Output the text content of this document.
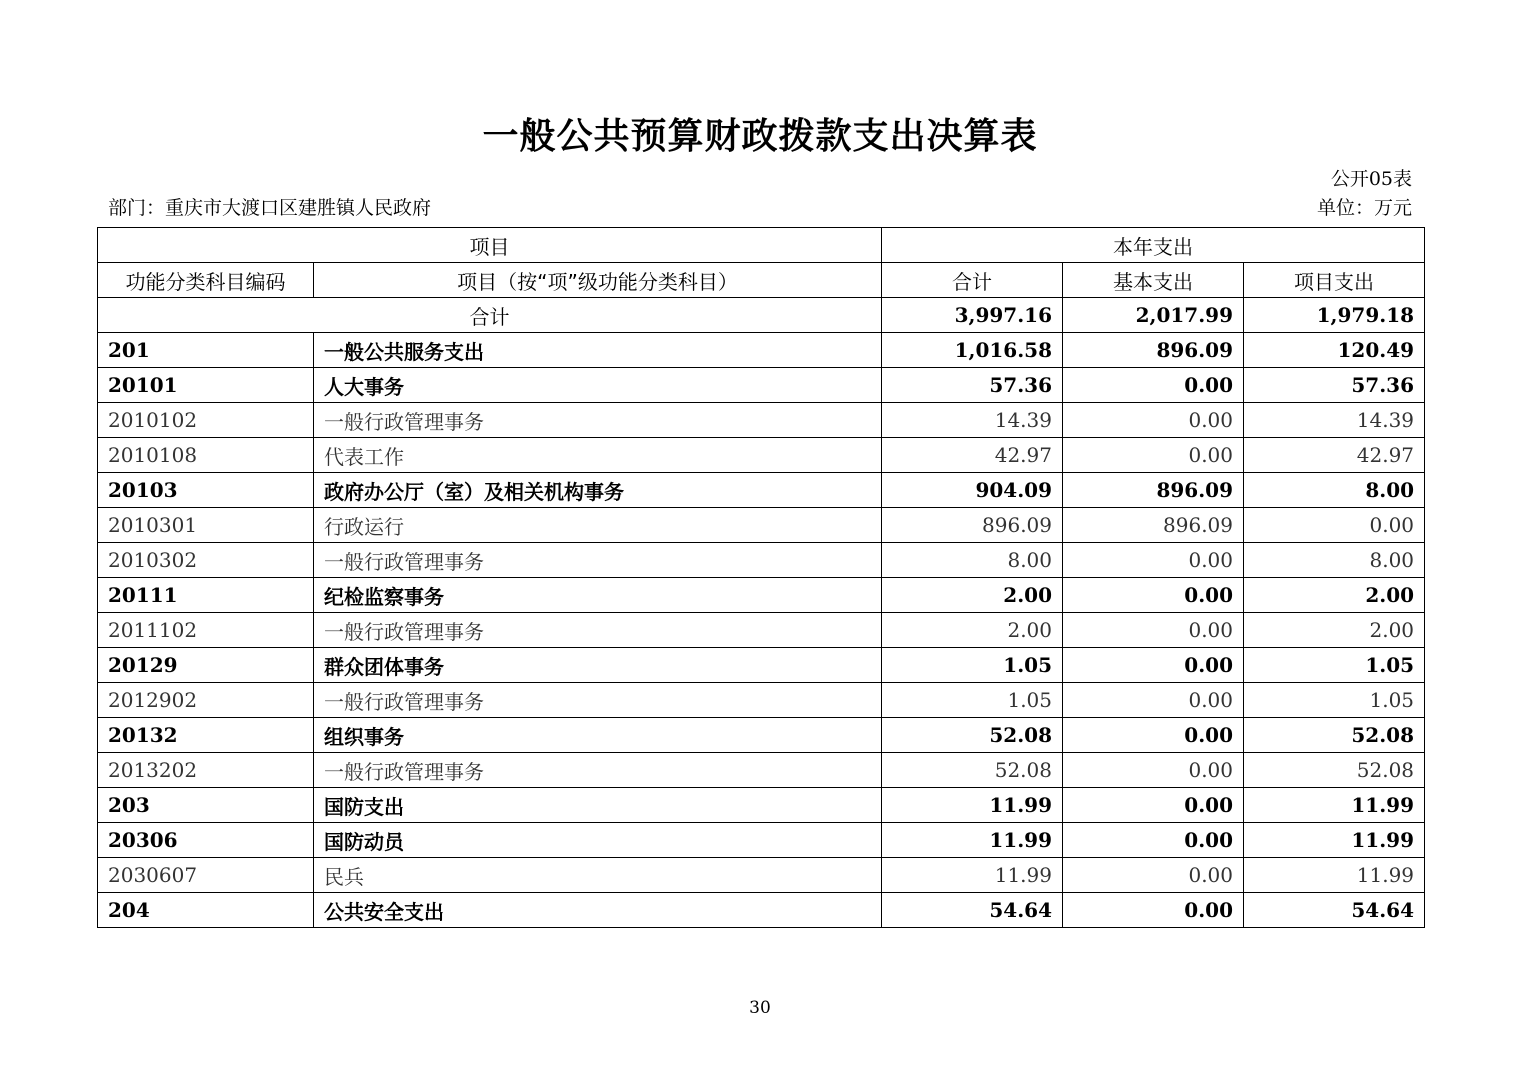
一般公共预算财政拨款支出决算表
公开05表
部门：重庆市大渡口区建胜镇人民政府	单位：万元
项目		本年支出		
功能分类科目编码	项目（按“项”级功能分类科目）	合计	基本支出	项目支出
合计		3,997.16	2,017.99	1,979.18
201	一般公共服务支出	1,016.58	896.09	120.49
20101	人大事务	57.36	0.00	57.36
2010102	一般行政管理事务	14.39	0.00	14.39
2010108	代表工作	42.97	0.00	42.97
20103	政府办公厅（室）及相关机构事务	904.09	896.09	8.00
2010301	行政运行	896.09	896.09	0.00
2010302	一般行政管理事务	8.00	0.00	8.00
20111	纪检监察事务	2.00	0.00	2.00
2011102	一般行政管理事务	2.00	0.00	2.00
20129	群众团体事务	1.05	0.00	1.05
2012902	一般行政管理事务	1.05	0.00	1.05
20132	组织事务	52.08	0.00	52.08
2013202	一般行政管理事务	52.08	0.00	52.08
203	国防支出	11.99	0.00	11.99
20306	国防动员	11.99	0.00	11.99
2030607	民兵	11.99	0.00	11.99
204	公共安全支出	54.64	0.00	54.64
30
